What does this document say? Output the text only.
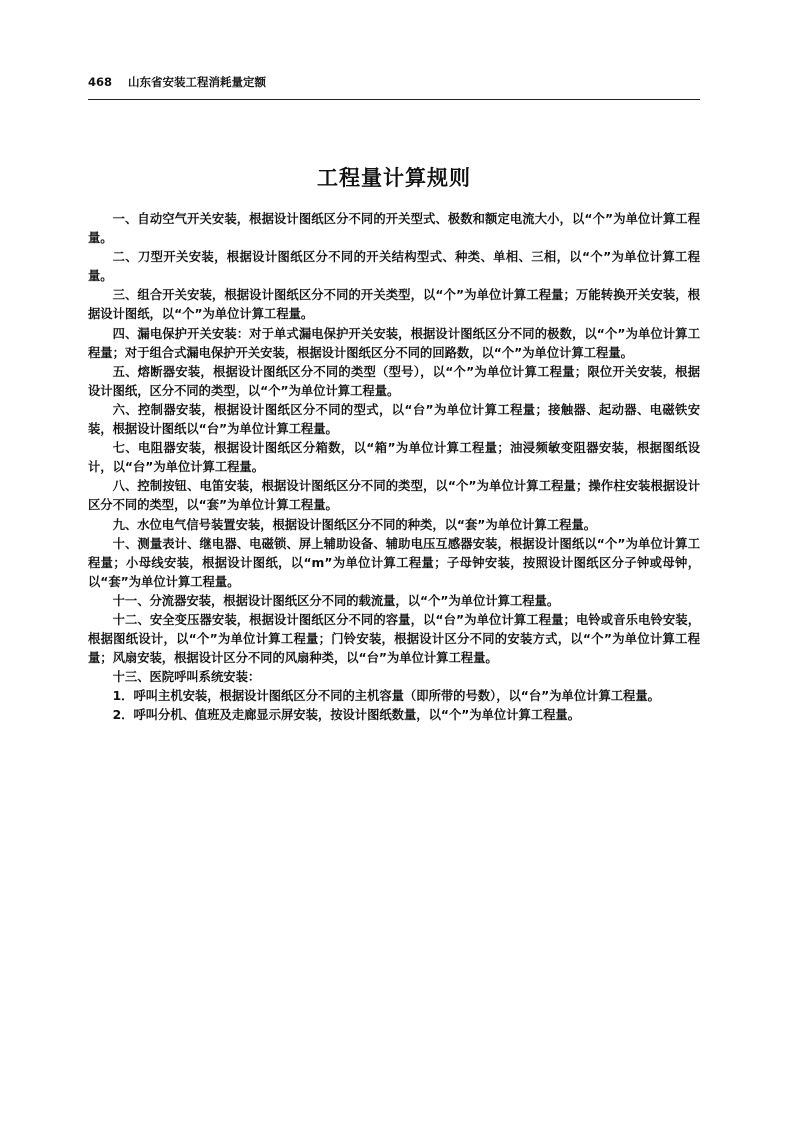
468 山东省安装工程消耗量定额
工程量计算规则

一、自动空气开关安装，根据设计图纸区分不同的开关型式、极数和额定电流大小，以“个”为单位计算工程量。

二、刀型开关安装，根据设计图纸区分不同的开关结构型式、种类、单相、三相，以“个”为单位计算工程量。

三、组合开关安装，根据设计图纸区分不同的开关类型，以“个”为单位计算工程量；万能转换开关安装，根据设计图纸，以“个”为单位计算工程量。

四、漏电保护开关安装：对于单式漏电保护开关安装，根据设计图纸区分不同的极数，以“个”为单位计算工程量；对于组合式漏电保护开关安装，根据设计图纸区分不同的回路数，以“个”为单位计算工程量。

五、熔断器安装，根据设计图纸区分不同的类型（型号），以“个”为单位计算工程量；限位开关安装，根据设计图纸，区分不同的类型，以“个”为单位计算工程量。

六、控制器安装，根据设计图纸区分不同的型式，以“台”为单位计算工程量；接触器、起动器、电磁铁安装，根据设计图纸以“台”为单位计算工程量。

七、电阻器安装，根据设计图纸区分箱数，以“箱”为单位计算工程量；油浸频敏变阻器安装，根据图纸设计，以“台”为单位计算工程量。

八、控制按钮、电笛安装，根据设计图纸区分不同的类型，以“个”为单位计算工程量；操作柱安装根据设计区分不同的类型，以“套”为单位计算工程量。

九、水位电气信号装置安装，根据设计图纸区分不同的种类，以“套”为单位计算工程量。

十、测量表计、继电器、电磁锁、屏上辅助设备、辅助电压互感器安装，根据设计图纸以“个”为单位计算工程量；小母线安装，根据设计图纸，以“m”为单位计算工程量；子母钟安装，按照设计图纸区分子钟或母钟，以“套”为单位计算工程量。

十一、分流器安装，根据设计图纸区分不同的载流量，以“个”为单位计算工程量。

十二、安全变压器安装，根据设计图纸区分不同的容量，以“台”为单位计算工程量；电铃或音乐电铃安装，根据图纸设计，以“个”为单位计算工程量；门铃安装，根据设计区分不同的安装方式，以“个”为单位计算工程量；风扇安装，根据设计区分不同的风扇种类，以“台”为单位计算工程量。

十三、医院呼叫系统安装：

1．呼叫主机安装，根据设计图纸区分不同的主机容量（即所带的号数），以“台”为单位计算工程量。

2．呼叫分机、值班及走廊显示屏安装，按设计图纸数量，以“个”为单位计算工程量。
